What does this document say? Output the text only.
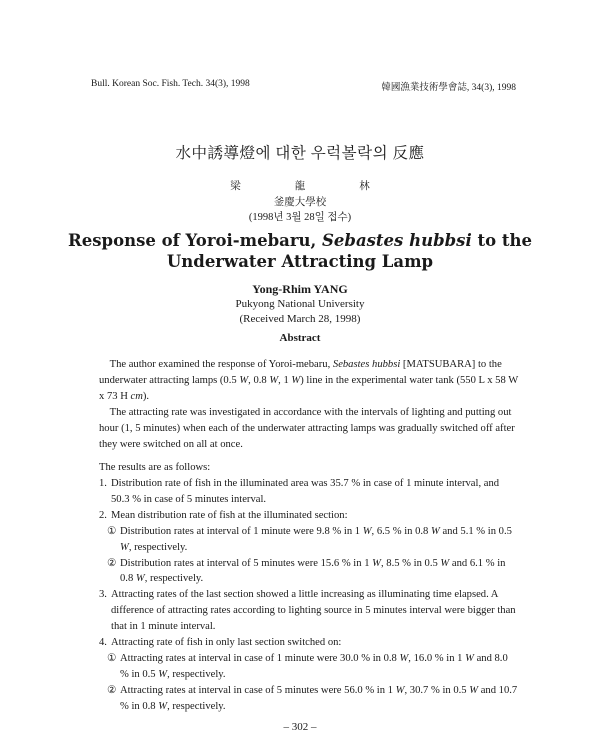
Bull. Korean Soc. Fish. Tech. 34(3), 1998	韓國漁業技術學會誌, 34(3), 1998
水中誘導燈에 대한 우럭볼락의 反應
梁	龍	林
釜慶大學校
(1998년 3월 28일 접수)
Response of Yoroi-mebaru, Sebastes hubbsi to the
Underwater Attracting Lamp
Yong-Rhim YANG
Pukyong National University
(Received March 28, 1998)
Abstract
The author examined the response of Yoroi-mebaru, Sebastes hubbsi [MATSUBARA] to the underwater attracting lamps (0.5 W, 0.8 W, 1 W) line in the experimental water tank (550 L x 58 W x 73 H cm).
The attracting rate was investigated in accordance with the intervals of lighting and putting out hour (1, 5 minutes) when each of the underwater attracting lamps was gradually switched off after they were switched on all at once.
The results are as follows:
1. Distribution rate of fish in the illuminated area was 35.7 % in case of 1 minute interval, and 50.3 % in case of 5 minutes interval.
2. Mean distribution rate of fish at the illuminated section:
① Distribution rates at interval of 1 minute were 9.8 % in 1 W, 6.5 % in 0.8 W and 5.1 % in 0.5 W, respectively.
② Distribution rates at interval of 5 minutes were 15.6 % in 1 W, 8.5 % in 0.5 W and 6.1 % in 0.8 W, respectively.
3. Attracting rates of the last section showed a little increasing as illuminating time elapsed. A difference of attracting rates according to lighting source in 5 minutes interval were bigger than that in 1 minute interval.
4. Attracting rate of fish in only last section switched on:
① Attracting rates at interval in case of 1 minute were 30.0 % in 0.8 W, 16.0 % in 1 W and 8.0 % in 0.5 W, respectively.
② Attracting rates at interval in case of 5 minutes were 56.0 % in 1 W, 30.7 % in 0.5 W and 10.7 % in 0.8 W, respectively.
– 302 –
